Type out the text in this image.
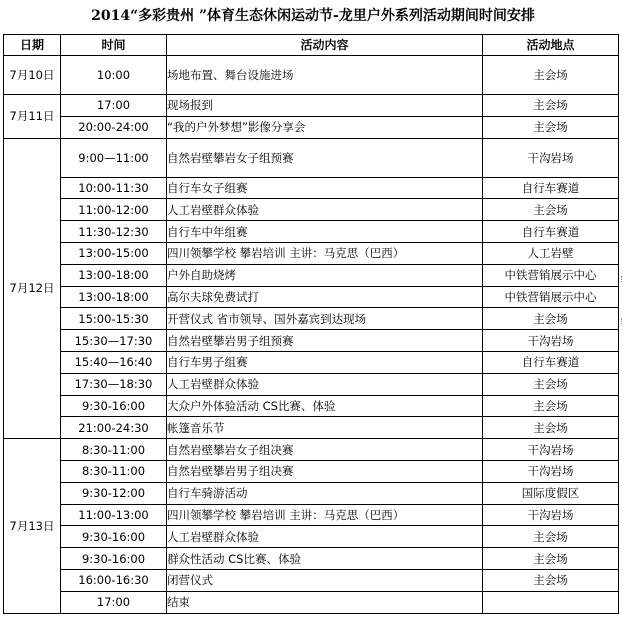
2014“多彩贵州 ”体育生态休闲运动节-龙里户外系列活动期间时间安排
日期	时间	活动内容	活动地点
7月10日	10:00	场地布置、舞台设施进场	主会场
7月11日	17:00	现场报到	主会场
	20:00-24:00	“我的户外梦想”影像分享会	主会场
7月12日	9:00—11:00	自然岩壁攀岩女子组预赛	干沟岩场
	10:00-11:30	自行车女子组赛	自行车赛道
	11:00-12:00	人工岩壁群众体验	主会场
	11:30-12:30	自行车中年组赛	自行车赛道
	13:00-15:00	四川领攀学校 攀岩培训 主讲：马克思（巴西）	人工岩壁
	13:00-18:00	户外自助烧烤	中铁营销展示中心
	13:00-18:00	高尔夫球免费试打	中铁营销展示中心
	15:00-15:30	开营仪式 省市领导、国外嘉宾到达现场	主会场
	15:30—17:30	自然岩壁攀岩男子组预赛	干沟岩场
	15:40—16:40	自行车男子组赛	自行车赛道
	17:30—18:30	人工岩壁群众体验	主会场
	9:30-16:00	大众户外体验活动 CS比赛、体验	主会场
	21:00-24:30	帐篷音乐节	主会场
7月13日	8:30-11:00	自然岩壁攀岩女子组决赛	干沟岩场
	8:30-11:00	自然岩壁攀岩男子组决赛	干沟岩场
	9:30-12:00	自行车骑游活动	国际度假区
	11:00-13:00	四川领攀学校 攀岩培训 主讲：马克思（巴西）	干沟岩场
	9:30-16:00	人工岩壁群众体验	主会场
	9:30-16:00	群众性活动 CS比赛、体验	主会场
	16:00-16:30	闭营仪式	主会场
	17:00	结束	
